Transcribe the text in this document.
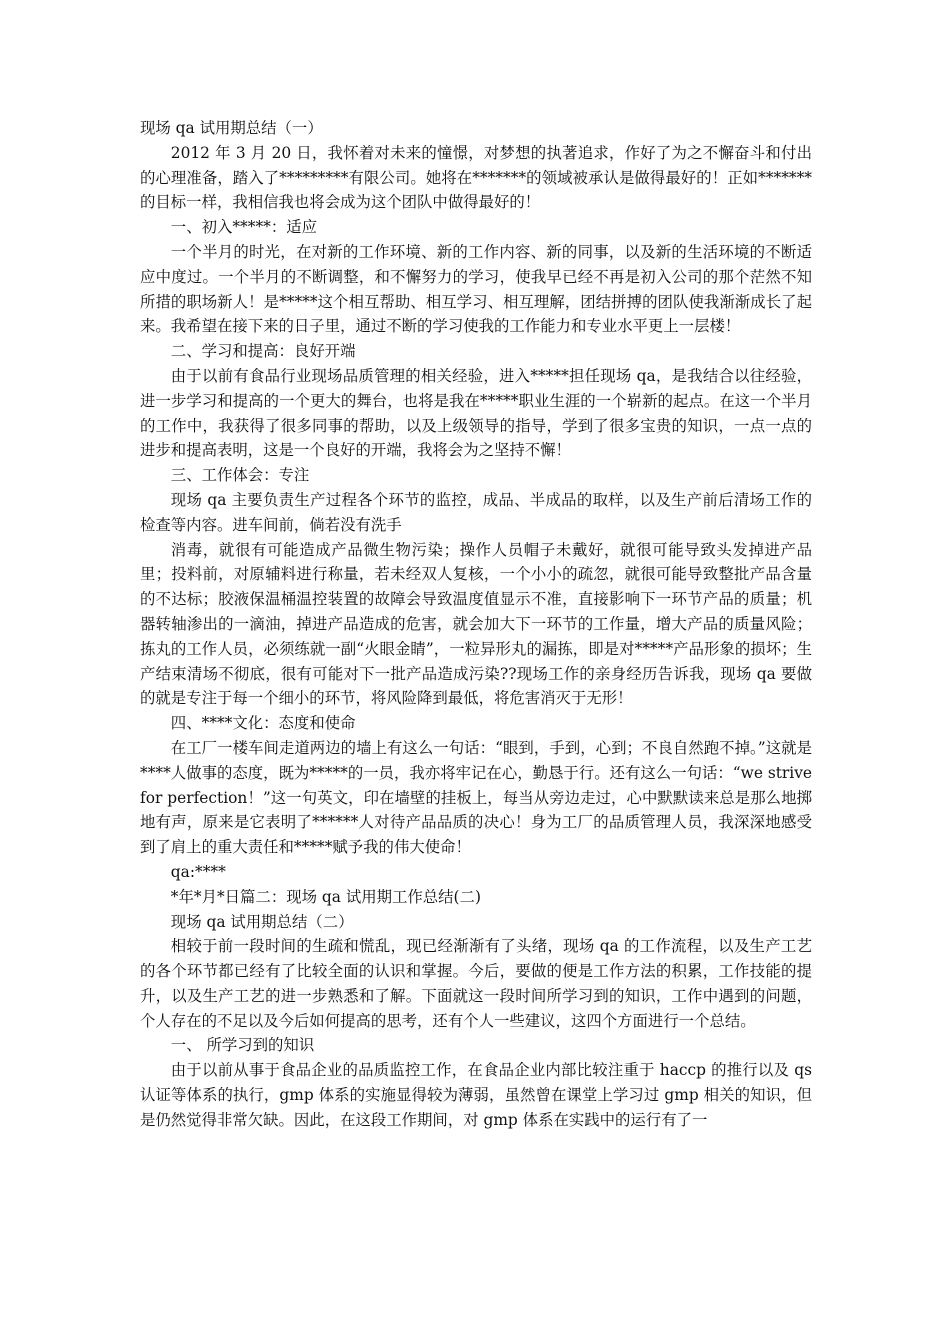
现场 qa 试用期总结（一）

2012 年 3 月 20 日，我怀着对未来的憧憬，对梦想的执著追求，作好了为之不懈奋斗和付出的心理准备，踏入了*********有限公司。她将在*******的领域被承认是做得最好的！正如*******的目标一样，我相信我也将会成为这个团队中做得最好的！

一、初入*****：适应

一个半月的时光，在对新的工作环境、新的工作内容、新的同事，以及新的生活环境的不断适应中度过。一个半月的不断调整，和不懈努力的学习，使我早已经不再是初入公司的那个茫然不知所措的职场新人！是*****这个相互帮助、相互学习、相互理解，团结拼搏的团队使我渐渐成长了起来。我希望在接下来的日子里，通过不断的学习使我的工作能力和专业水平更上一层楼！

二、学习和提高：良好开端

由于以前有食品行业现场品质管理的相关经验，进入*****担任现场 qa，是我结合以往经验，进一步学习和提高的一个更大的舞台，也将是我在*****职业生涯的一个崭新的起点。在这一个半月的工作中，我获得了很多同事的帮助，以及上级领导的指导，学到了很多宝贵的知识，一点一点的进步和提高表明，这是一个良好的开端，我将会为之坚持不懈！

三、工作体会：专注

现场 qa 主要负责生产过程各个环节的监控，成品、半成品的取样，以及生产前后清场工作的检查等内容。进车间前，倘若没有洗手

消毒，就很有可能造成产品微生物污染；操作人员帽子未戴好，就很可能导致头发掉进产品里；投料前，对原辅料进行称量，若未经双人复核，一个小小的疏忽，就很可能导致整批产品含量的不达标；胶液保温桶温控装置的故障会导致温度值显示不准，直接影响下一环节产品的质量；机器转轴渗出的一滴油，掉进产品造成的危害，就会加大下一环节的工作量，增大产品的质量风险；拣丸的工作人员，必须练就一副“火眼金睛”，一粒异形丸的漏拣，即是对*****产品形象的损坏；生产结束清场不彻底，很有可能对下一批产品造成污染??现场工作的亲身经历告诉我，现场 qa 要做的就是专注于每一个细小的环节，将风险降到最低，将危害消灭于无形！

四、****文化：态度和使命

在工厂一楼车间走道两边的墙上有这么一句话：“眼到，手到，心到；不良自然跑不掉。”这就是****人做事的态度，既为*****的一员，我亦将牢记在心，勤恳于行。还有这么一句话：“we strive for perfection！”这一句英文，印在墙壁的挂板上，每当从旁边走过，心中默默读来总是那么地掷地有声，原来是它表明了******人对待产品品质的决心！身为工厂的品质管理人员，我深深地感受到了肩上的重大责任和*****赋予我的伟大使命！

qa:****

*年*月*日篇二：现场 qa 试用期工作总结(二)

现场 qa 试用期总结（二）

相较于前一段时间的生疏和慌乱，现已经渐渐有了头绪，现场 qa 的工作流程，以及生产工艺的各个环节都已经有了比较全面的认识和掌握。今后，要做的便是工作方法的积累，工作技能的提升，以及生产工艺的进一步熟悉和了解。下面就这一段时间所学习到的知识，工作中遇到的问题，个人存在的不足以及今后如何提高的思考，还有个人一些建议，这四个方面进行一个总结。

一、 所学习到的知识

由于以前从事于食品企业的品质监控工作，在食品企业内部比较注重于 haccp 的推行以及 qs 认证等体系的执行，gmp 体系的实施显得较为薄弱，虽然曾在课堂上学习过 gmp 相关的知识，但是仍然觉得非常欠缺。因此，在这段工作期间，对 gmp 体系在实践中的运行有了一
